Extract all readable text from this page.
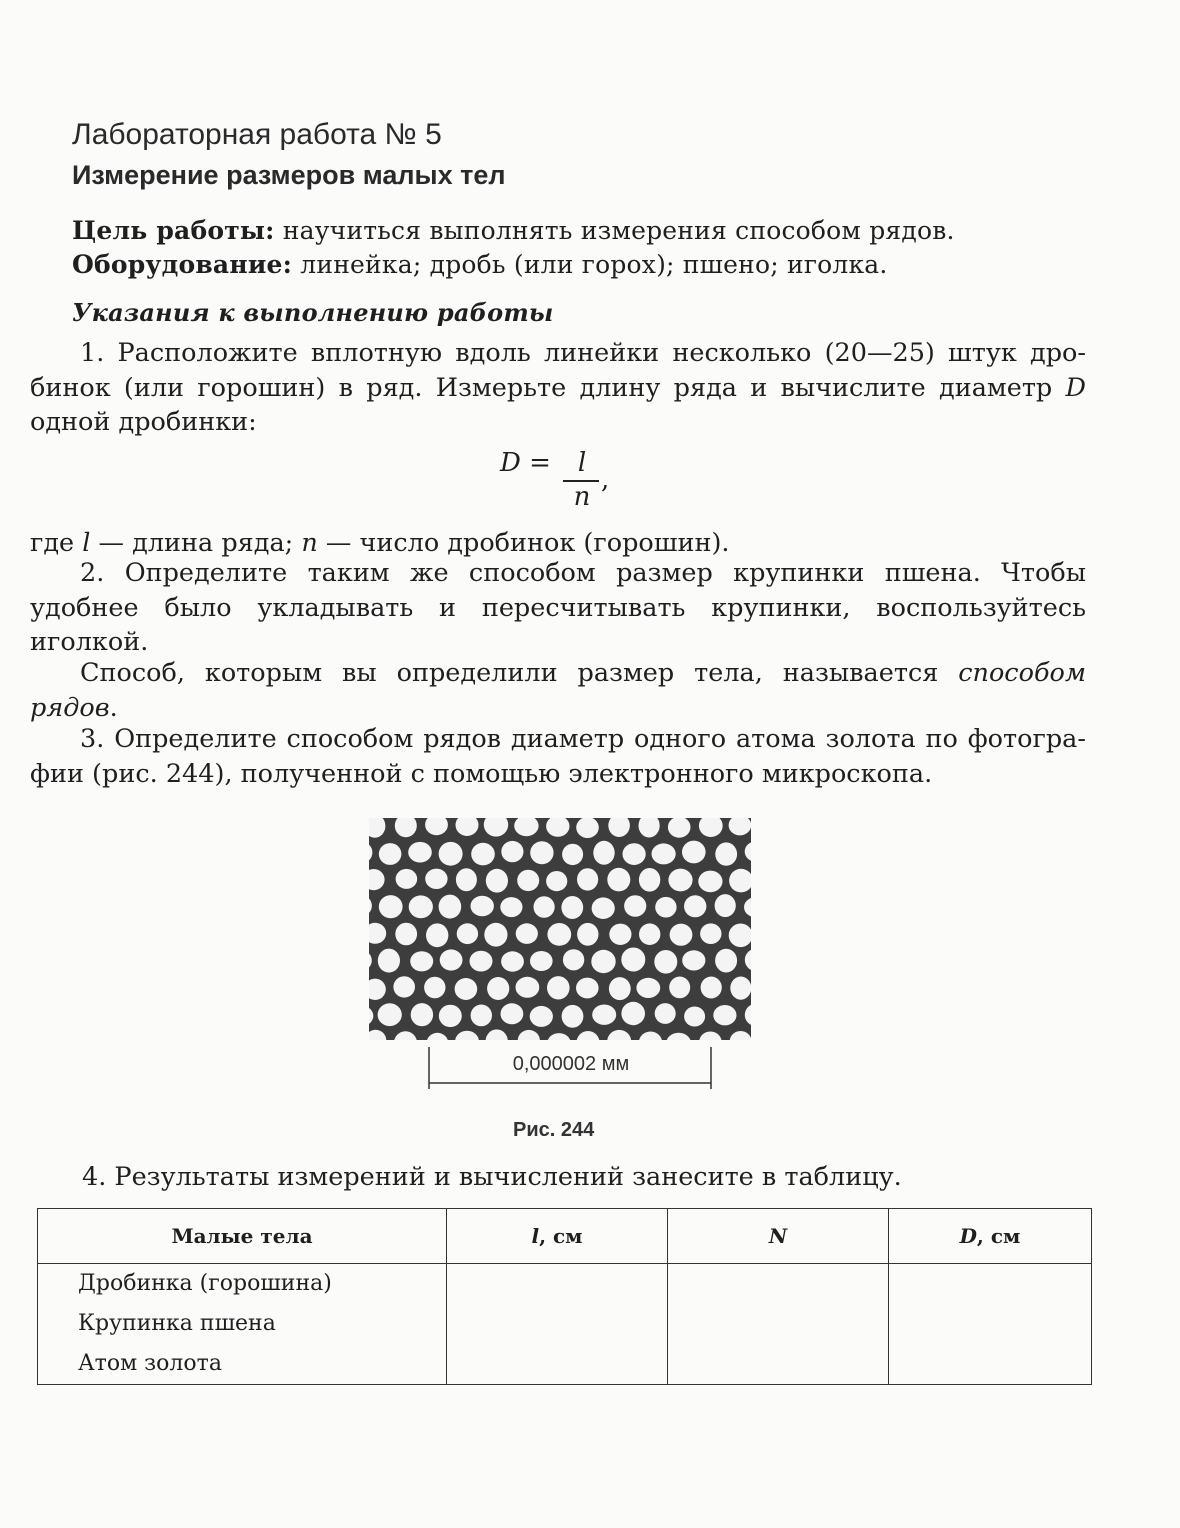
Лабораторная работа № 5
Измерение размеров малых тел
Цель работы: научиться выполнять измерения способом рядов.
Оборудование: линейка; дробь (или горох); пшено; иголка.
Указания к выполнению работы
1. Расположите вплотную вдоль линейки несколько (20—25) штук дро-
бинок (или горошин) в ряд. Измерьте длину ряда и вычислите диаметр D
одной дробинки:
D =	l
n
,
где l — длина ряда; n — число дробинок (горошин).
2. Определите таким же способом размер крупинки пшена. Чтобы
удобнее было укладывать и пересчитывать крупинки, воспользуйтесь
иголкой.
Способ, которым вы определили размер тела, называется способом
рядов.
3. Определите способом рядов диаметр одного атома золота по фотогра-
фии (рис. 244), полученной с помощью электронного микроскопа.
0,000002 мм
Рис. 244
4. Результаты измерений и вычислений занесите в таблицу.
Малые тела	l, см	N	D, см

Дробинка (горошина)
Крупинка пшена
Атом золота			
